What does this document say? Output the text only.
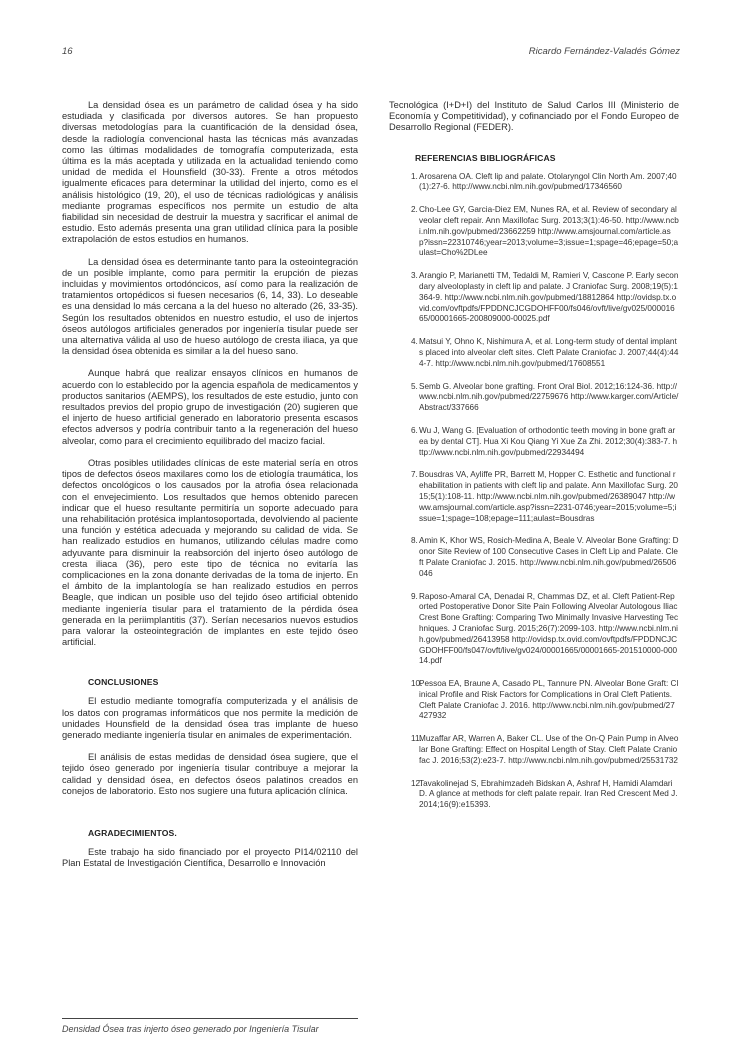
16	Ricardo Fernández-Valadés Gómez

La densidad ósea es un parámetro de calidad ósea y ha sido estudiada y clasificada por diversos autores. Se han propuesto diversas metodologías para la cuantificación de la densidad ósea, desde la radiología convencional hasta las técnicas más avanzadas como las últimas modalidades de tomografía computerizada, esta última es la más aceptada y utilizada en la actualidad teniendo como unidad de medida el Hounsfield (30-33). Frente a otros métodos igualmente eficaces para determinar la utilidad del injerto, como es el análisis histológico (19, 20), el uso de técnicas radiológicas y análisis mediante programas específicos nos permite un estudio de alta fiabilidad sin necesidad de destruir la muestra y sacrificar el animal de estudio. Esto además presenta una gran utilidad clínica para la posible extrapolación de estos estudios en humanos.

La densidad ósea es determinante tanto para la osteointegración de un posible implante, como para permitir la erupción de piezas incluidas y movimientos ortodóncicos, así como para la realización de tratamientos ortopédicos si fuesen necesarios (6, 14, 33). Lo deseable es una densidad lo más cercana a la del hueso no alterado (26, 33-35). Según los resultados obtenidos en nuestro estudio, el uso de injertos óseos autólogos artificiales generados por ingeniería tisular puede ser una alternativa válida al uso de hueso autólogo de cresta iliaca, ya que la densidad ósea obtenida es similar a la del hueso sano.

Aunque habrá que realizar ensayos clínicos en humanos de acuerdo con lo establecido por la agencia española de medicamentos y productos sanitarios (AEMPS), los resultados de este estudio, junto con resultados previos del propio grupo de investigación (20) sugieren que el injerto de hueso artificial generado en laboratorio presenta escasos efectos adversos y podría contribuir tanto a la regeneración del hueso alveolar, como para el crecimiento equilibrado del macizo facial.

Otras posibles utilidades clínicas de este material sería en otros tipos de defectos óseos maxilares como los de etiología traumática, los defectos oncológicos o los causados por la atrofia ósea relacionada con el envejecimiento. Los resultados que hemos obtenido parecen indicar que el hueso resultante permitiría un soporte adecuado para una rehabilitación protésica implantosoportada, devolviendo al paciente una función y estética adecuada y mejorando su calidad de vida. Se han realizado estudios en humanos, utilizando células madre como adyuvante para disminuir la reabsorción del injerto óseo autólogo de cresta iliaca (36), pero este tipo de técnica no evitaría las complicaciones en la zona donante derivadas de la toma de injerto. En el ámbito de la implantología se han realizado estudios en perros Beagle, que indican un posible uso del tejido óseo artificial obtenido mediante ingeniería tisular para el tratamiento de la pérdida ósea generada en la periimplantitis (37). Serían necesarios nuevos estudios para valorar la osteointegración de implantes en este tejido óseo artificial.

CONCLUSIONES

El estudio mediante tomografía computerizada y el análisis de los datos con programas informáticos que nos permite la medición de unidades Hounsfield de la densidad ósea tras implante de hueso generado mediante ingeniería tisular en animales de experimentación.

El análisis de estas medidas de densidad ósea sugiere, que el tejido óseo generado por ingeniería tisular contribuye a mejorar la calidad y densidad ósea, en defectos óseos palatinos creados en conejos de laboratorio. Esto nos sugiere una futura aplicación clínica.

AGRADECIMIENTOS.

Este trabajo ha sido financiado por el proyecto PI14/02110 del Plan Estatal de Investigación Científica, Desarrollo e Innovación

Tecnológica (I+D+I) del Instituto de Salud Carlos III (Ministerio de Economía y Competitividad), y cofinanciado por el Fondo Europeo de Desarrollo Regional (FEDER).

REFERENCIAS BIBLIOGRÁFICAS
1. Arosarena OA. Cleft lip and palate. Otolaryngol Clin North Am. 2007;40(1):27-6. http://www.ncbi.nlm.nih.gov/pubmed/17346560
2. Cho-Lee GY, Garcia-Diez EM, Nunes RA, et al. Review of secondary alveolar cleft repair. Ann Maxillofac Surg. 2013;3(1):46-50. http://www.ncbi.nlm.nih.gov/pubmed/23662259 http://www.amsjournal.com/article.asp?issn=22310746;year=2013;volume=3;issue=1;spage=46;epage=50;aulast=Cho%2DLee
3. Arangio P, Marianetti TM, Tedaldi M, Ramieri V, Cascone P. Early secondary alveoloplasty in cleft lip and palate. J Craniofac Surg. 2008;19(5):1364-9. http://www.ncbi.nlm.nih.gov/pubmed/18812864 http://ovidsp.tx.ovid.com/ovftpdfs/FPDDNCJCGDOHFF00/fs046/ovft/live/gv025/00001665/00001665-200809000-00025.pdf
4. Matsui Y, Ohno K, Nishimura A, et al. Long-term study of dental implants placed into alveolar cleft sites. Cleft Palate Craniofac J. 2007;44(4):444-7. http://www.ncbi.nlm.nih.gov/pubmed/17608551
5. Semb G. Alveolar bone grafting. Front Oral Biol. 2012;16:124-36. http://www.ncbi.nlm.nih.gov/pubmed/22759676 http://www.karger.com/Article/Abstract/337666
6. Wu J, Wang G. [Evaluation of orthodontic teeth moving in bone graft area by dental CT]. Hua Xi Kou Qiang Yi Xue Za Zhi. 2012;30(4):383-7. http://www.ncbi.nlm.nih.gov/pubmed/22934494
7. Bousdras VA, Ayliffe PR, Barrett M, Hopper C. Esthetic and functional rehabilitation in patients with cleft lip and palate. Ann Maxillofac Surg. 2015;5(1):108-11. http://www.ncbi.nlm.nih.gov/pubmed/26389047 http://www.amsjournal.com/article.asp?issn=2231-0746;year=2015;volume=5;issue=1;spage=108;epage=111;aulast=Bousdras
8. Amin K, Khor WS, Rosich-Medina A, Beale V. Alveolar Bone Grafting: Donor Site Review of 100 Consecutive Cases in Cleft Lip and Palate. Cleft Palate Craniofac J. 2015. http://www.ncbi.nlm.nih.gov/pubmed/26506046
9. Raposo-Amaral CA, Denadai R, Chammas DZ, et al. Cleft Patient-Reported Postoperative Donor Site Pain Following Alveolar Autologous Iliac Crest Bone Grafting: Comparing Two Minimally Invasive Harvesting Techniques. J Craniofac Surg. 2015;26(7):2099-103. http://www.ncbi.nlm.nih.gov/pubmed/26413958 http://ovidsp.tx.ovid.com/ovftpdfs/FPDDNCJCGDOHFF00/fs047/ovft/live/gv024/00001665/00001665-201510000-00014.pdf
10.
Pessoa EA, Braune A, Casado PL, Tannure PN. Alveolar Bone Graft: Clinical Profile and Risk Factors for Complications in Oral Cleft Patients. Cleft Palate Craniofac J. 2016. http://www.ncbi.nlm.nih.gov/pubmed/27427932
11.
Muzaffar AR, Warren A, Baker CL. Use of the On-Q Pain Pump in Alveolar Bone Grafting: Effect on Hospital Length of Stay. Cleft Palate Craniofac J. 2016;53(2):e23-7. http://www.ncbi.nlm.nih.gov/pubmed/25531732
12.
Tavakolinejad S, Ebrahimzadeh Bidskan A, Ashraf H, Hamidi Alamdari D. A glance at methods for cleft palate repair. Iran Red Crescent Med J. 2014;16(9):e15393.
Densidad Ósea tras injerto óseo generado por Ingeniería Tisular
